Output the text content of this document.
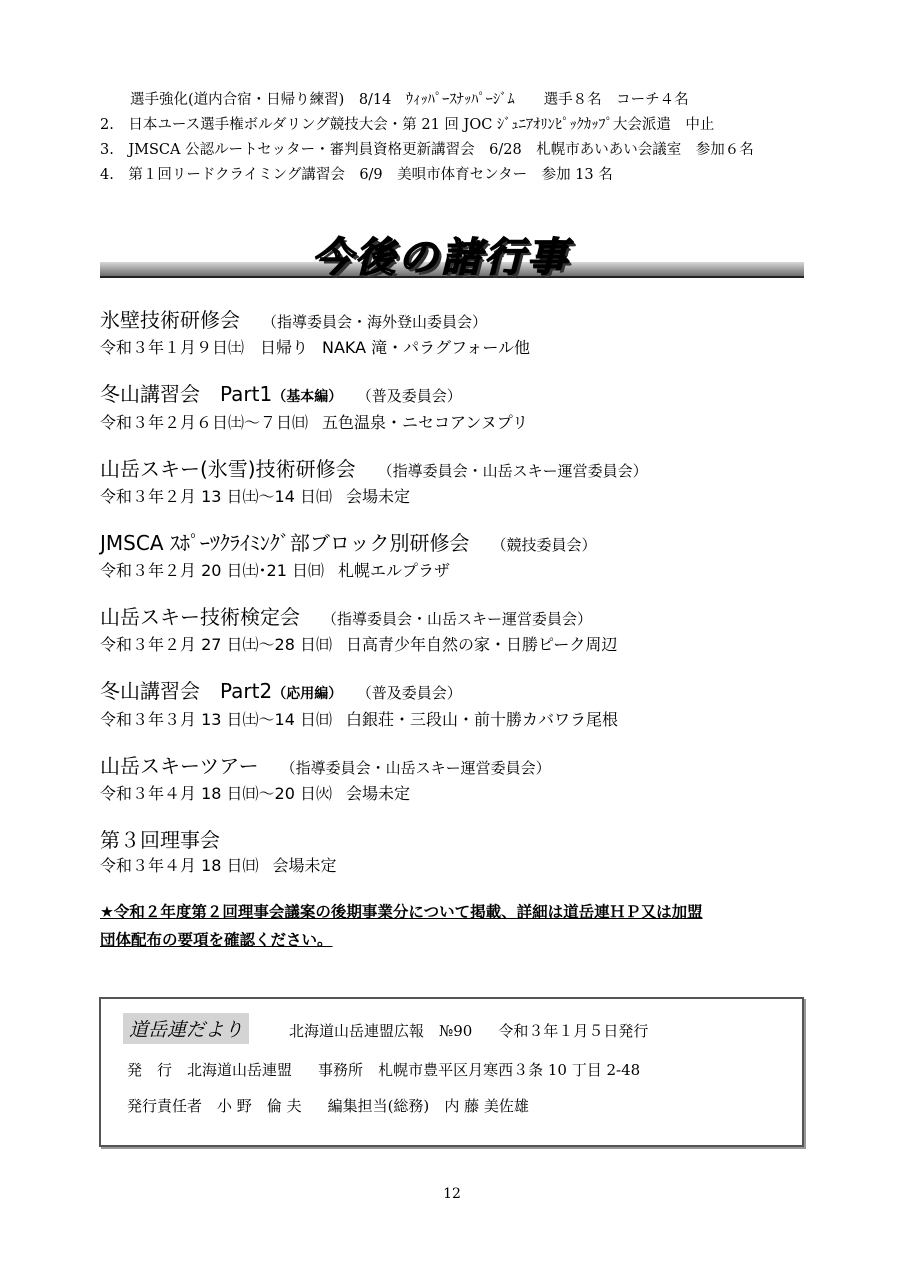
選手強化(道内合宿・日帰り練習)　8/14　ｳｨｯﾊﾟｰｽﾅｯﾊﾟｰｼﾞﾑ　　選手８名　コーチ４名
2.　日本ユース選手権ボルダリング競技大会・第 21 回 JOC ｼﾞｭﾆｱｵﾘﾝﾋﾟｯｸｶｯﾌﾟ大会派遣　中止
3.　JMSCA 公認ルートセッター・審判員資格更新講習会　6/28　札幌市あいあい会議室　参加６名
4.　第１回リードクライミング講習会　6/9　美唄市体育センター　参加 13 名
今後の諸行事
氷壁技術研修会 （指導委員会・海外登山委員会）
令和３年１月９日㈯　日帰り NAKA 滝・パラグフォール他
冬山講習会　Part1（基本編） （普及委員会）
令和３年２月６日㈯～７日㈰ 五色温泉・ニセコアンヌプリ
山岳スキー(氷雪)技術研修会 （指導委員会・山岳スキー運営委員会）
令和３年２月 13 日㈯～14 日㈰ 会場未定
JMSCA ｽﾎﾟｰﾂｸﾗｲﾐﾝｸﾞ部ブロック別研修会 （競技委員会）
令和３年２月 20 日㈯･21 日㈰ 札幌エルプラザ
山岳スキー技術検定会 （指導委員会・山岳スキー運営委員会）
令和３年２月 27 日㈯～28 日㈰ 日高青少年自然の家・日勝ピーク周辺
冬山講習会　Part2（応用編） （普及委員会）
令和３年３月 13 日㈯～14 日㈰ 白銀荘・三段山・前十勝カバワラ尾根
山岳スキーツアー （指導委員会・山岳スキー運営委員会）
令和３年４月 18 日㈰～20 日㈫ 会場未定
第３回理事会
令和３年４月 18 日㈰ 会場未定
★令和２年度第２回理事会議案の後期事業分について掲載、詳細は道岳連ＨＰ又は加盟
団体配布の要項を確認ください。
道岳連だより	北海道山岳連盟広報　№90 令和３年１月５日発行
発　行　 北海道山岳連盟 事務所　 札幌市豊平区月寒西３条 10 丁目 2-48
発行責任者　 小 野　倫 夫 編集担当(総務)　 内 藤 美佐雄
12
